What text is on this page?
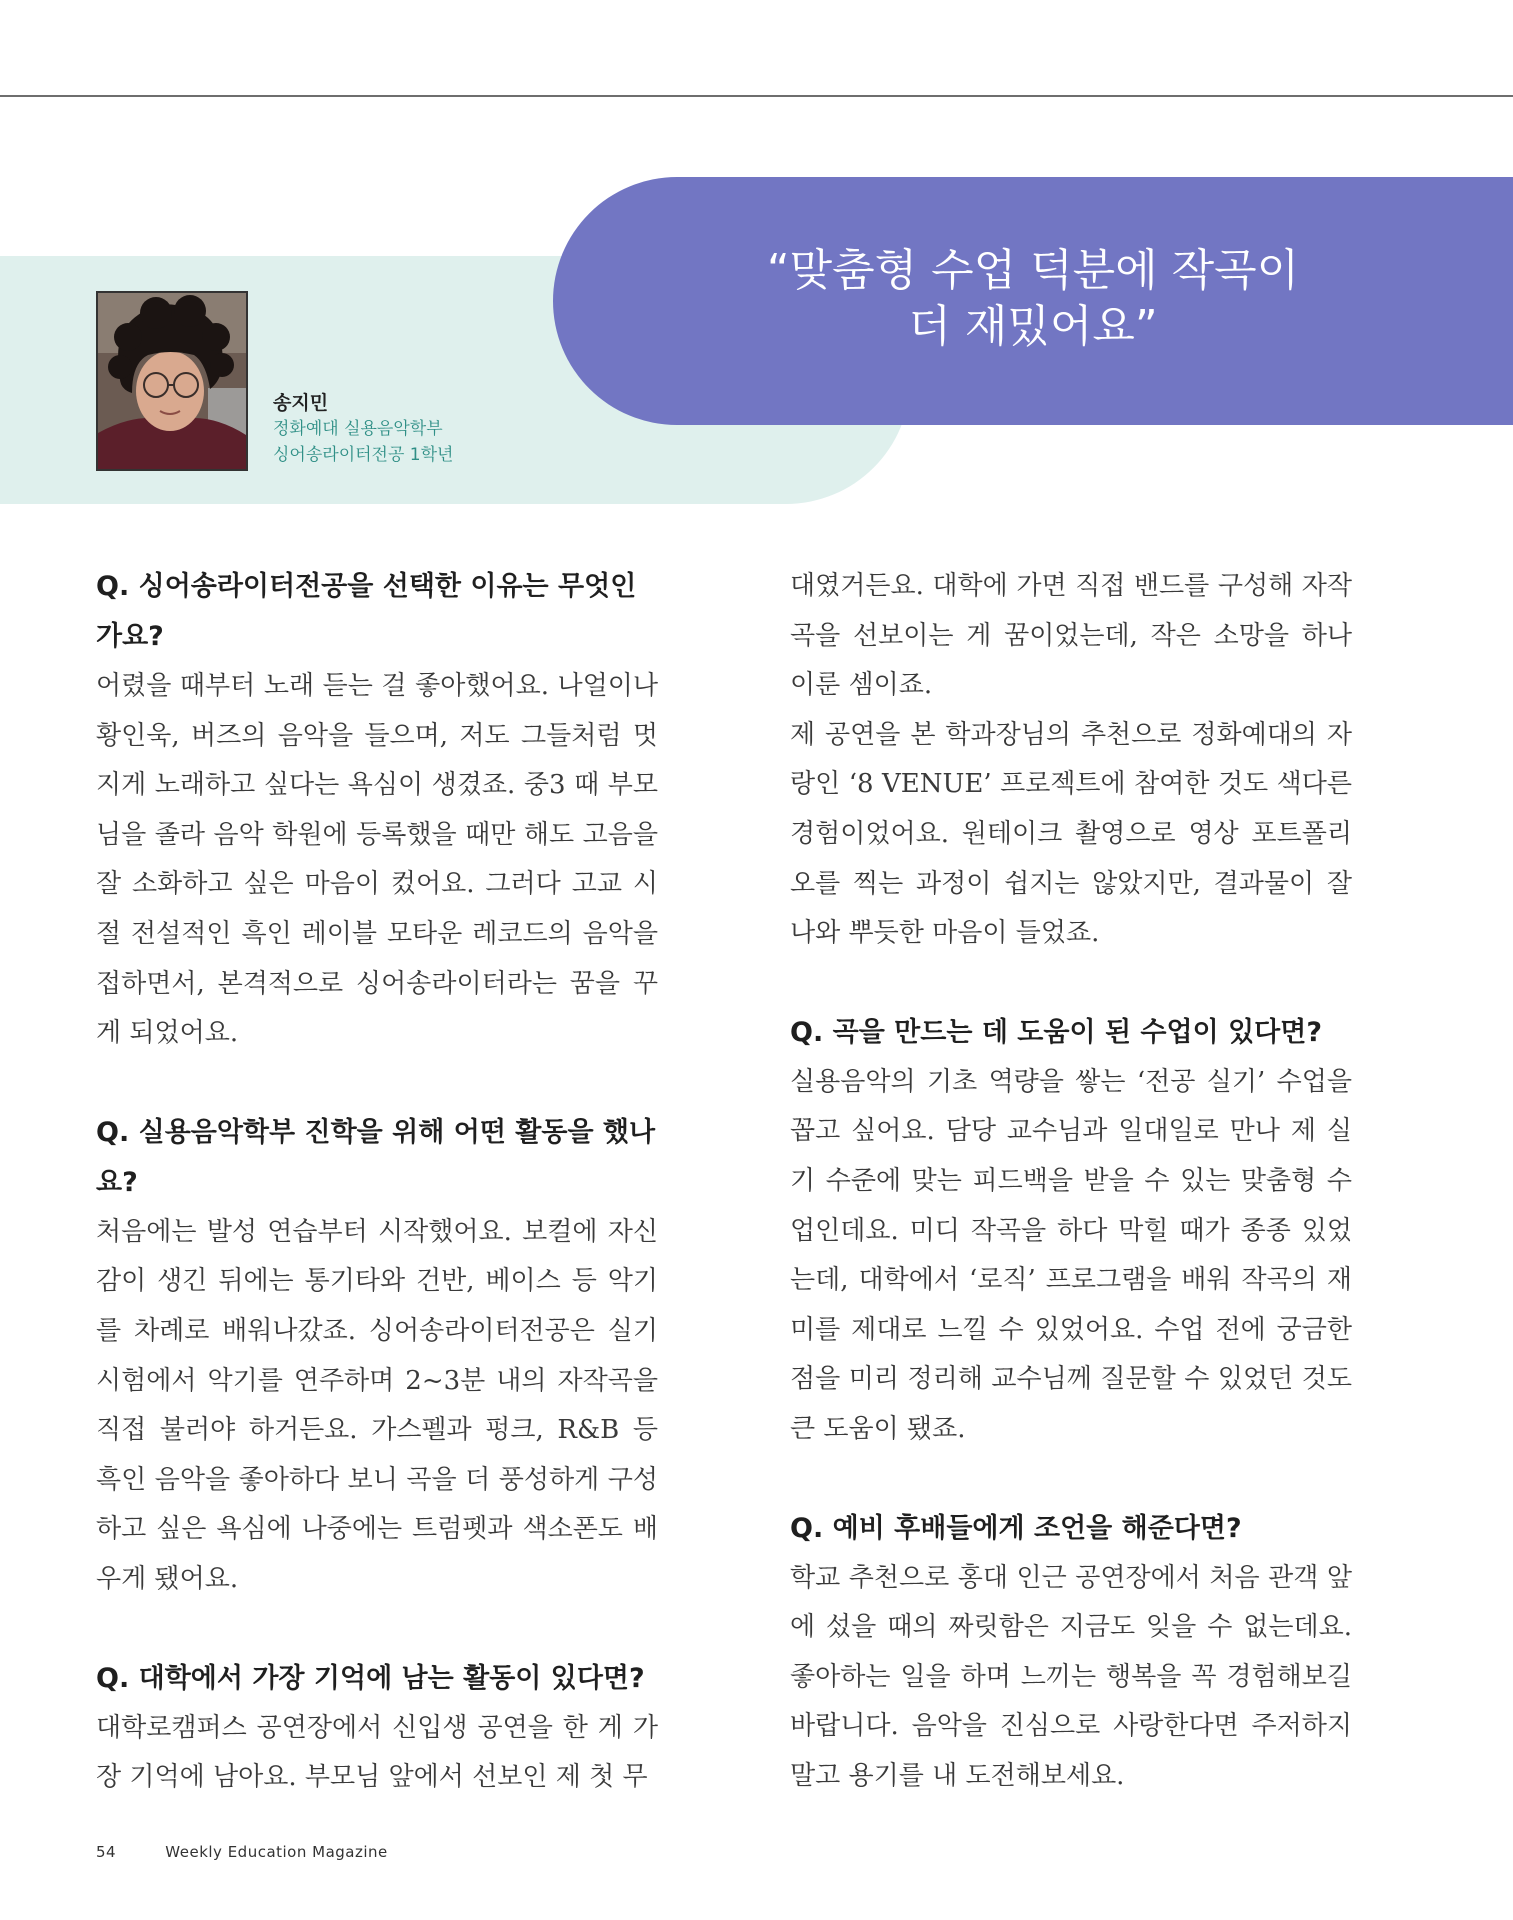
“맞춤형 수업 덕분에 작곡이
더 재밌어요”
송지민
정화예대 실용음악학부
싱어송라이터전공 1학년

Q. 싱어송라이터전공을 선택한 이유는 무엇인가요?

어렸을 때부터 노래 듣는 걸 좋아했어요. 나얼이나 황인욱, 버즈의 음악을 들으며, 저도 그들처럼 멋지게 노래하고 싶다는 욕심이 생겼죠. 중3 때 부모님을 졸라 음악 학원에 등록했을 때만 해도 고음을 잘 소화하고 싶은 마음이 컸어요. 그러다 고교 시절 전설적인 흑인 레이블 모타운 레코드의 음악을 접하면서, 본격적으로 싱어송라이터라는 꿈을 꾸게 되었어요.

Q. 실용음악학부 진학을 위해 어떤 활동을 했나요?

처음에는 발성 연습부터 시작했어요. 보컬에 자신감이 생긴 뒤에는 통기타와 건반, 베이스 등 악기를 차례로 배워나갔죠. 싱어송라이터전공은 실기시험에서 악기를 연주하며 2~3분 내의 자작곡을 직접 불러야 하거든요. 가스펠과 펑크, R&B 등 흑인 음악을 좋아하다 보니 곡을 더 풍성하게 구성하고 싶은 욕심에 나중에는 트럼펫과 색소폰도 배우게 됐어요.

Q. 대학에서 가장 기억에 남는 활동이 있다면?

대학로캠퍼스 공연장에서 신입생 공연을 한 게 가장 기억에 남아요. 부모님 앞에서 선보인 제 첫 무

대였거든요. 대학에 가면 직접 밴드를 구성해 자작곡을 선보이는 게 꿈이었는데, 작은 소망을 하나 이룬 셈이죠.

제 공연을 본 학과장님의 추천으로 정화예대의 자랑인 ‘8 VENUE’ 프로젝트에 참여한 것도 색다른 경험이었어요. 원테이크 촬영으로 영상 포트폴리오를 찍는 과정이 쉽지는 않았지만, 결과물이 잘 나와 뿌듯한 마음이 들었죠.

Q. 곡을 만드는 데 도움이 된 수업이 있다면?

실용음악의 기초 역량을 쌓는 ‘전공 실기’ 수업을 꼽고 싶어요. 담당 교수님과 일대일로 만나 제 실기 수준에 맞는 피드백을 받을 수 있는 맞춤형 수업인데요. 미디 작곡을 하다 막힐 때가 종종 있었는데, 대학에서 ‘로직’ 프로그램을 배워 작곡의 재미를 제대로 느낄 수 있었어요. 수업 전에 궁금한 점을 미리 정리해 교수님께 질문할 수 있었던 것도 큰 도움이 됐죠.

Q. 예비 후배들에게 조언을 해준다면?

학교 추천으로 홍대 인근 공연장에서 처음 관객 앞에 섰을 때의 짜릿함은 지금도 잊을 수 없는데요. 좋아하는 일을 하며 느끼는 행복을 꼭 경험해보길 바랍니다. 음악을 진심으로 사랑한다면 주저하지 말고 용기를 내 도전해보세요.

54	Weekly Education Magazine
